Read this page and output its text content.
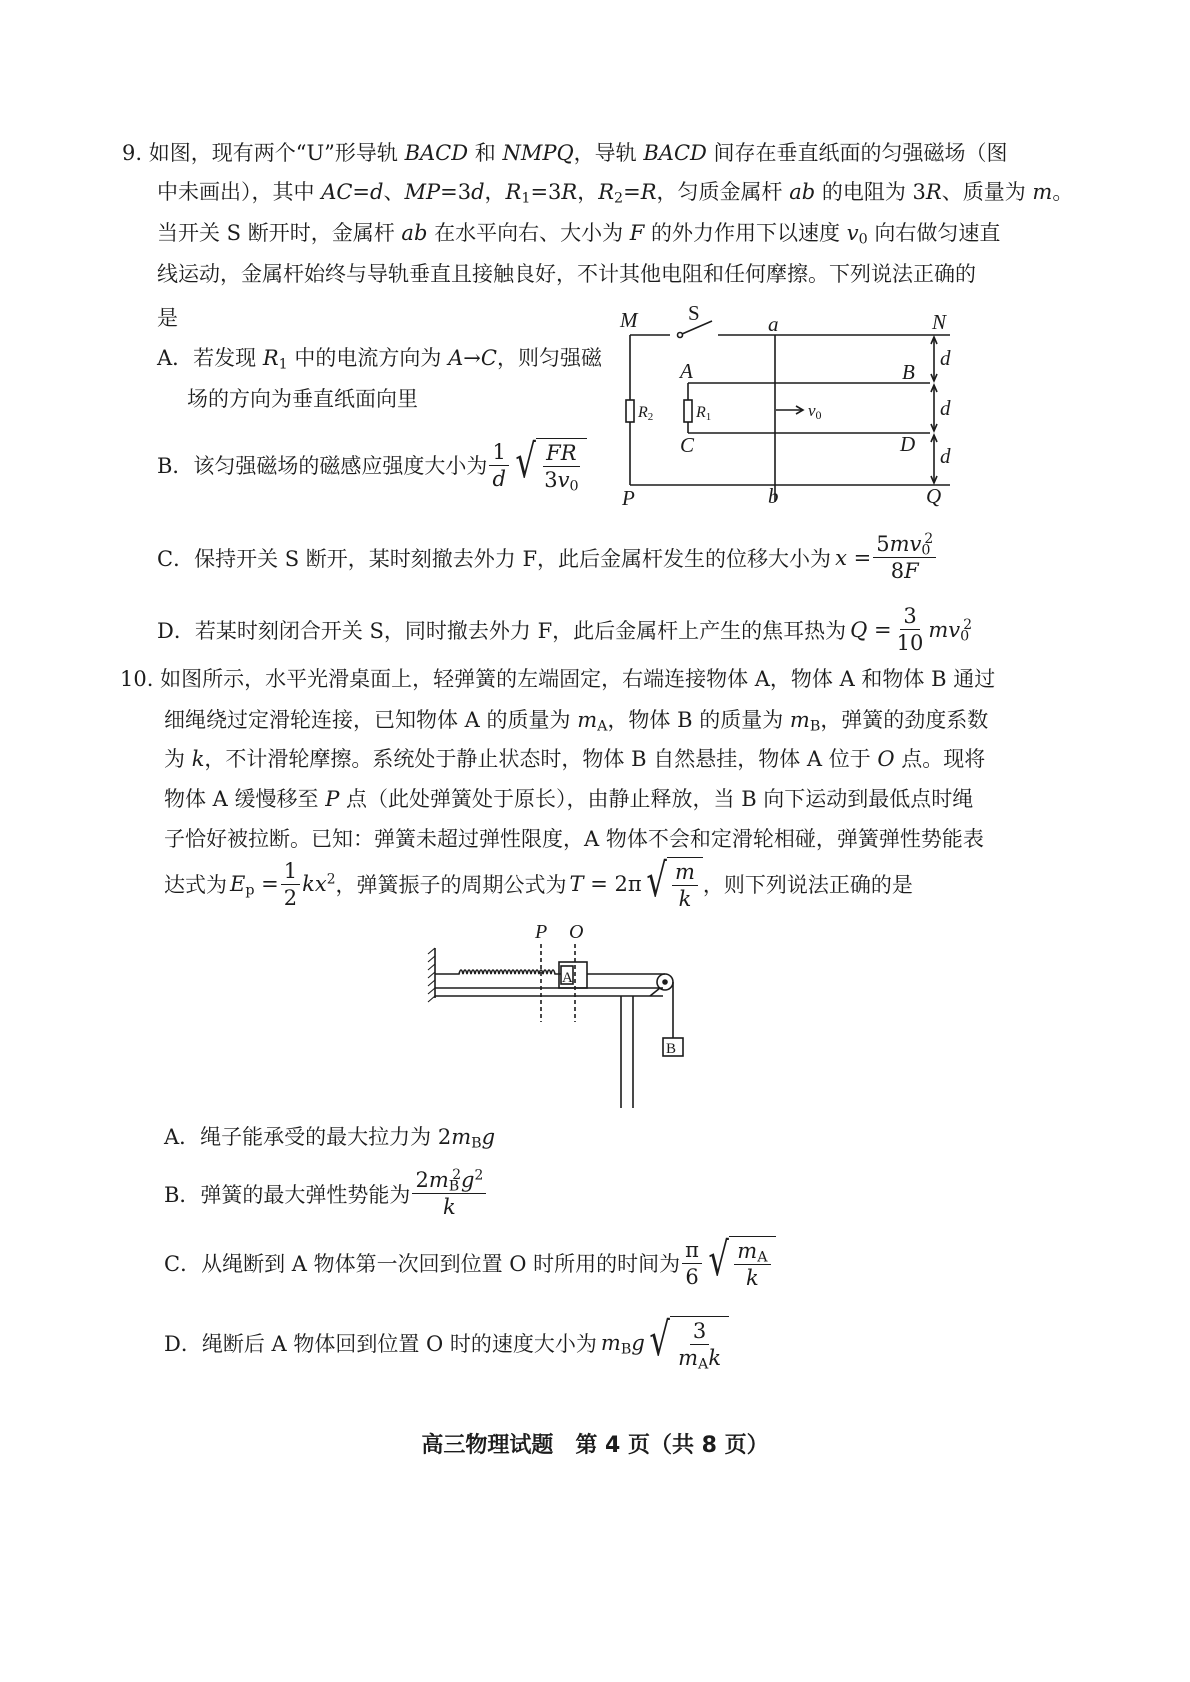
9. 如图，现有两个“U”形导轨 BACD 和 NMPQ，导轨 BACD 间存在垂直纸面的匀强磁场（图
中未画出），其中 AC=d、MP=3d，$R_1=3R$，$R_2=R$，匀质金属杆 ab 的电阻为 3R、质量为 m。
当开关 S 断开时，金属杆 ab 在水平向右、大小为 F 的外力作用下以速度 $v_0$ 向右做匀速直
线运动，金属杆始终与导轨垂直且接触良好，不计其他电阻和任何摩擦。下列说法正确的
是
A．若发现 $R_1$ 中的电流方向为 A→C，则匀强磁
场的方向为垂直纸面向里
B．该匀强磁场的磁感应强度大小为 $\frac{1}{d}$ √ $\frac{FR}{3v_0}$
C．保持开关 S 断开，某时刻撤去外力 F，此后金属杆发生的位移大小为 $x = \frac{5mv_0^2}{8F}$
D．若某时刻闭合开关 S，同时撤去外力 F，此后金属杆上产生的焦耳热为 $Q = \frac{3}{10} mv_0^2$
M S	a	N
A	B
C	D
P	b	Q
d
d
d
v0
R1
R2
10. 如图所示，水平光滑桌面上，轻弹簧的左端固定，右端连接物体 A，物体 A 和物体 B 通过
细绳绕过定滑轮连接，已知物体 A 的质量为 $m_A$，物体 B 的质量为 $m_B$，弹簧的劲度系数
为 k，不计滑轮摩擦。系统处于静止状态时，物体 B 自然悬挂，物体 A 位于 O 点。现将
物体 A 缓慢移至 P 点（此处弹簧处于原长），由静止释放，当 B 向下运动到最低点时绳
子恰好被拉断。已知：弹簧未超过弹性限度，A 物体不会和定滑轮相碰，弹簧弹性势能表
达式为 $E_p = \frac{1}{2} kx^2$ ，弹簧振子的周期公式为 T = 2π √ $\frac{m}{k}$ ，则下列说法正确的是
P O
A
B
A．绳子能承受的最大拉力为 $2m_Bg$
B．弹簧的最大弹性势能为 $\frac{2m_B^2g^2}{k}$
C．从绳断到 A 物体第一次回到位置 O 时所用的时间为 $\frac{\pi}{6}$ √ $\frac{m_A}{k}$
D．绳断后 A 物体回到位置 O 时的速度大小为 $m_Bg$ √ $\frac{3}{m_Ak}$
高三物理试题　第 4 页（共 8 页）
